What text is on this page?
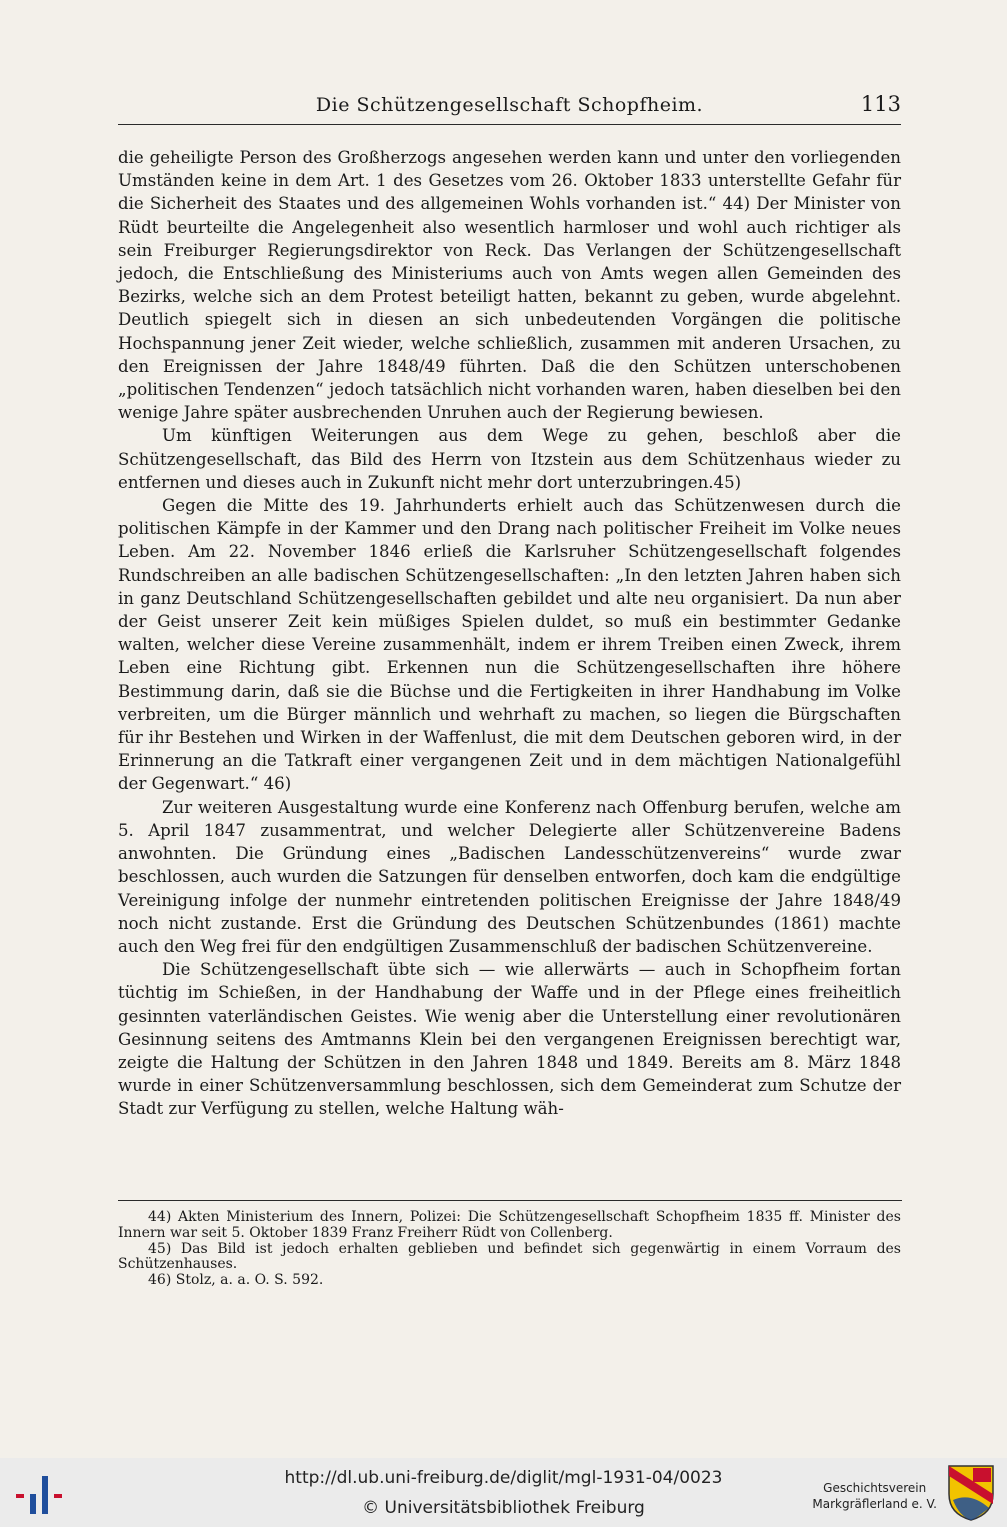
Die Schützengesellschaft Schopfheim.	113

die geheiligte Person des Großherzogs angesehen werden kann und unter den vorliegenden Umständen keine in dem Art. 1 des Gesetzes vom 26. Oktober 1833 unterstellte Gefahr für die Sicherheit des Staates und des allgemeinen Wohls vorhanden ist.“ 44) Der Minister von Rüdt beurteilte die Angelegenheit also wesentlich harmloser und wohl auch richtiger als sein Freiburger Regierungsdirektor von Reck. Das Verlangen der Schützengesellschaft jedoch, die Entschließung des Ministeriums auch von Amts wegen allen Gemeinden des Bezirks, welche sich an dem Protest beteiligt hatten, bekannt zu geben, wurde abgelehnt. Deutlich spiegelt sich in diesen an sich unbedeutenden Vorgängen die politische Hochspannung jener Zeit wieder, welche schließlich, zusammen mit anderen Ursachen, zu den Ereignissen der Jahre 1848/49 führten. Daß die den Schützen unterschobenen „politischen Tendenzen“ jedoch tatsächlich nicht vorhanden waren, haben dieselben bei den wenige Jahre später ausbrechenden Unruhen auch der Regierung bewiesen.

Um künftigen Weiterungen aus dem Wege zu gehen, beschloß aber die Schützengesellschaft, das Bild des Herrn von Itzstein aus dem Schützenhaus wieder zu entfernen und dieses auch in Zukunft nicht mehr dort unterzubringen.45)

Gegen die Mitte des 19. Jahrhunderts erhielt auch das Schützenwesen durch die politischen Kämpfe in der Kammer und den Drang nach politischer Freiheit im Volke neues Leben. Am 22. November 1846 erließ die Karlsruher Schützengesellschaft folgendes Rundschreiben an alle badischen Schützengesellschaften: „In den letzten Jahren haben sich in ganz Deutschland Schützengesellschaften gebildet und alte neu organisiert. Da nun aber der Geist unserer Zeit kein müßiges Spielen duldet, so muß ein bestimmter Gedanke walten, welcher diese Vereine zusammenhält, indem er ihrem Treiben einen Zweck, ihrem Leben eine Richtung gibt. Erkennen nun die Schützengesellschaften ihre höhere Bestimmung darin, daß sie die Büchse und die Fertigkeiten in ihrer Handhabung im Volke verbreiten, um die Bürger männlich und wehrhaft zu machen, so liegen die Bürgschaften für ihr Bestehen und Wirken in der Waffenlust, die mit dem Deutschen geboren wird, in der Erinnerung an die Tatkraft einer vergangenen Zeit und in dem mächtigen Nationalgefühl der Gegenwart.“ 46)

Zur weiteren Ausgestaltung wurde eine Konferenz nach Offenburg berufen, welche am 5. April 1847 zusammentrat, und welcher Delegierte aller Schützenvereine Badens anwohnten. Die Gründung eines „Badischen Landesschützenvereins“ wurde zwar beschlossen, auch wurden die Satzungen für denselben entworfen, doch kam die endgültige Vereinigung infolge der nunmehr eintretenden politischen Ereignisse der Jahre 1848/49 noch nicht zustande. Erst die Gründung des Deutschen Schützenbundes (1861) machte auch den Weg frei für den endgültigen Zusammenschluß der badischen Schützenvereine.

Die Schützengesellschaft übte sich — wie allerwärts — auch in Schopfheim fortan tüchtig im Schießen, in der Handhabung der Waffe und in der Pflege eines freiheitlich gesinnten vaterländischen Geistes. Wie wenig aber die Unterstellung einer revolutionären Gesinnung seitens des Amtmanns Klein bei den vergangenen Ereignissen berechtigt war, zeigte die Haltung der Schützen in den Jahren 1848 und 1849. Bereits am 8. März 1848 wurde in einer Schützenversammlung beschlossen, sich dem Gemeinderat zum Schutze der Stadt zur Verfügung zu stellen, welche Haltung wäh-

44) Akten Ministerium des Innern, Polizei: Die Schützengesellschaft Schopfheim 1835 ff. Minister des Innern war seit 5. Oktober 1839 Franz Freiherr Rüdt von Collenberg.

45) Das Bild ist jedoch erhalten geblieben und befindet sich gegenwärtig in einem Vorraum des Schützenhauses.

46) Stolz, a. a. O. S. 592.

http://dl.ub.uni-freiburg.de/diglit/mgl-1931-04/0023
© Universitätsbibliothek Freiburg
Geschichtsverein
Markgräflerland e. V.
